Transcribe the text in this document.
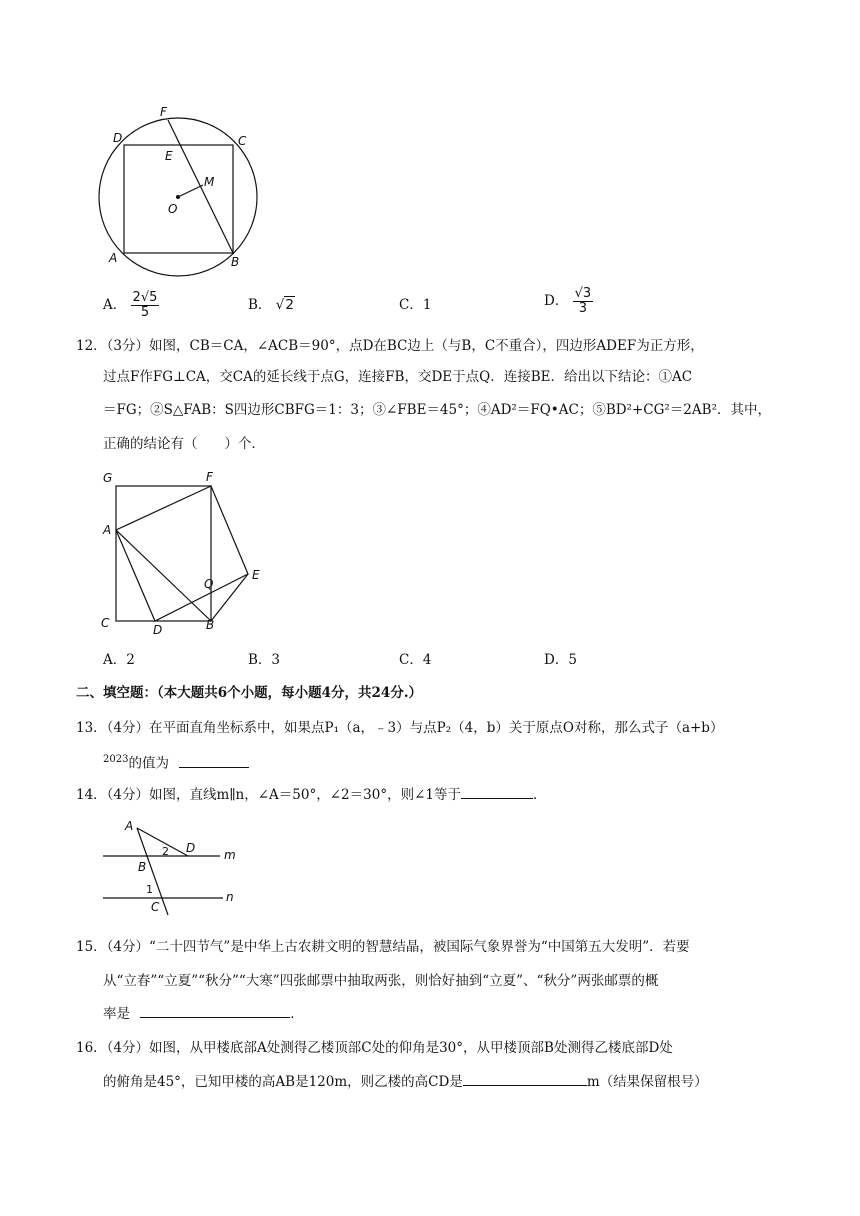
F
D	C
E
M
O
A	B
A． $\frac{2√5}{5}$	B． √2	C．1	D． $\frac{√3}{3}$
12．（3分）如图，CB＝CA，∠ACB＝90°，点D在BC边上（与B，C不重合），四边形ADEF为正方形，
过点F作FG⊥CA，交CA的延长线于点G，连接FB，交DE于点Q．连接BE．给出以下结论：①AC
＝FG；②S△FAB：S四边形CBFG＝1：3；③∠FBE＝45°；④AD²＝FQ•AC；⑤BD²+CG²＝2AB²．其中，
正确的结论有（　　）个．
G	F
A
E
Q
C	D	B
A．2	B．3	C．4	D．5
二、填空题：（本大题共6个小题，每小题4分，共24分.）
13．（4分）在平面直角坐标系中，如果点P₁（a，﹣3）与点P₂（4，b）关于原点O对称，那么式子（a+b）
$^{2023}$的值为
14．（4分）如图，直线m∥n，∠A＝50°，∠2＝30°，则∠1等于	．
A
D m
2
B
1
n
C
15．（4分）“二十四节气”是中华上古农耕文明的智慧结晶，被国际气象界誉为“中国第五大发明”．若要
从“立春”“立夏”“秋分”“大寒”四张邮票中抽取两张，则恰好抽到“立夏”、“秋分”两张邮票的概
率是	．
16．（4分）如图，从甲楼底部A处测得乙楼顶部C处的仰角是30°，从甲楼顶部B处测得乙楼底部D处
的俯角是45°，已知甲楼的高AB是120m，则乙楼的高CD是	m（结果保留根号）
